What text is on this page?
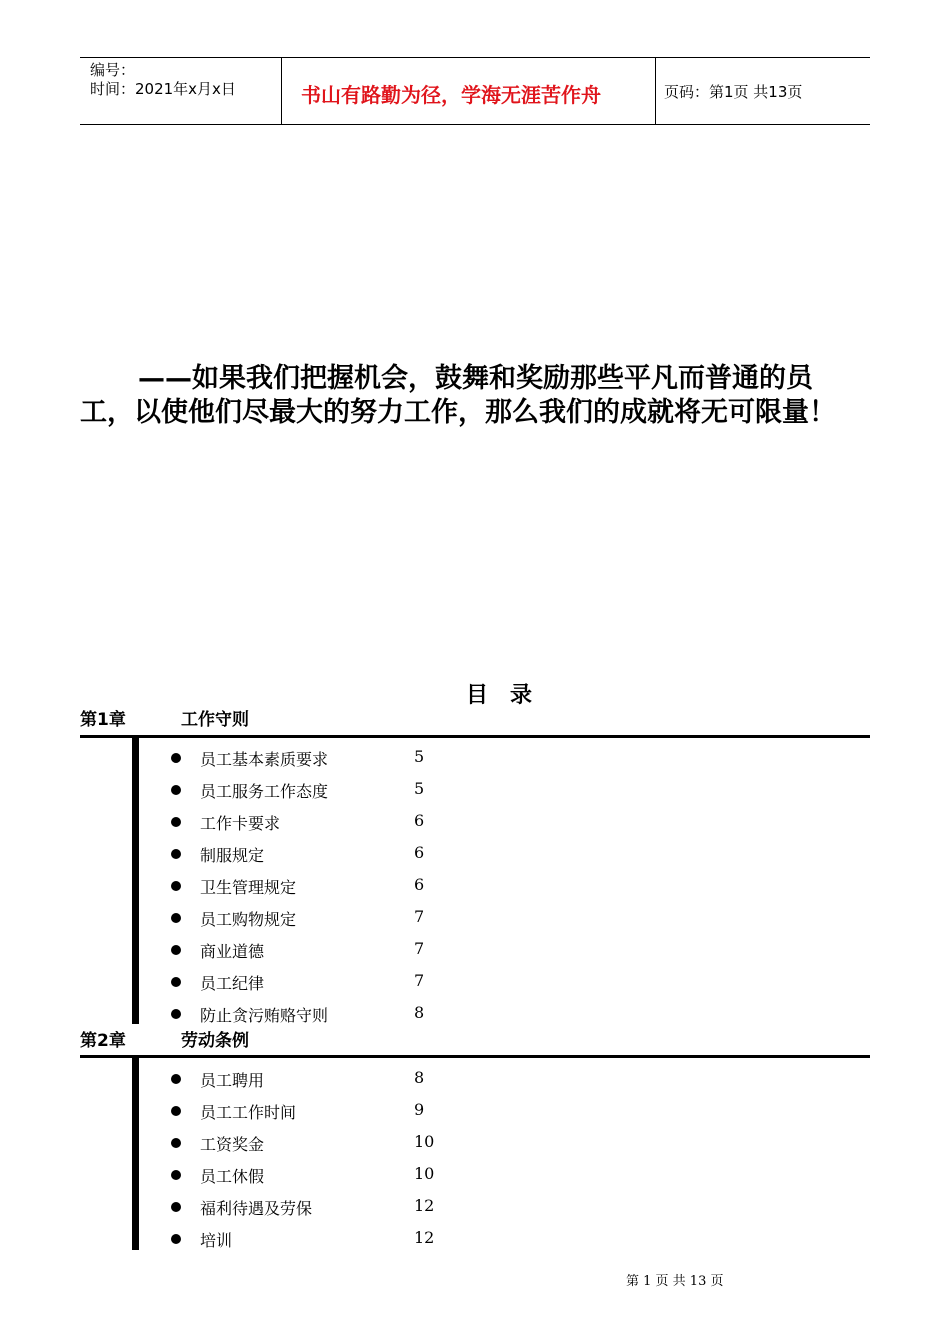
编号：
时间：2021年x月x日	书山有路勤为径，学海无涯苦作舟	页码：第1页 共13页
——如果我们把握机会，鼓舞和奖励那些平凡而普通的员
工，以使他们尽最大的努力工作，那么我们的成就将无可限量！
目　录
第1章	工作守则
员工基本素质要求	5
员工服务工作态度	5
工作卡要求	6
制服规定	6
卫生管理规定	6
员工购物规定	7
商业道德	7
员工纪律	7
防止贪污贿赂守则	8
第2章	劳动条例
员工聘用	8
员工工作时间	9
工资奖金	10
员工休假	10
福利待遇及劳保	12
培训	12
第 1 页 共 13 页
